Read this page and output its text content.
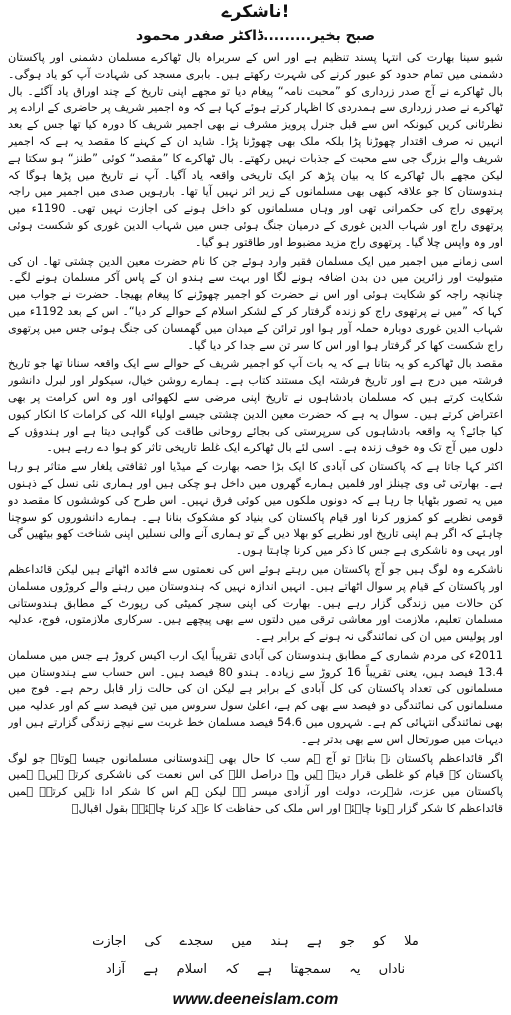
ناشکرے!
صبح بخیر.........ڈاکٹر صفدر محمود

شیو سینا بھارت کی انتہا پسند تنظیم ہے اور اس کے سربراہ بال ٹھاکرے مسلمان دشمنی اور پاکستان دشمنی میں تمام حدود کو عبور کرنے کی شہرت رکھتے ہیں۔ بابری مسجد کی شہادت آپ کو یاد ہوگی۔ بال ٹھاکرے نے آج صدر زرداری کو ”محبت نامہ“ پیغام دیا تو مجھے اپنی تاریخ کے چند اوراق یاد آگئے۔ بال ٹھاکرے نے صدر زرداری سے ہمدردی کا اظہار کرتے ہوئے کہا ہے کہ وہ اجمیر شریف پر حاضری کے ارادے پر نظرثانی کریں کیونکہ اس سے قبل جنرل پرویز مشرف نے بھی اجمیر شریف کا دورہ کیا تھا جس کے بعد انہیں نہ صرف اقتدار چھوڑنا پڑا بلکہ ملک بھی چھوڑنا پڑا۔ شاید ان کے کہنے کا مقصد یہ ہے کہ اجمیر شریف والے بزرگ جی سے محبت کے جذبات نہیں رکھتے۔ بال ٹھاکرے کا ”مقصد“ کوئی ”طنز“ ہو سکتا ہے لیکن مجھے بال ٹھاکرے کا یہ بیان پڑھ کر ایک تاریخی واقعہ یاد آگیا۔ آپ نے تاریخ میں پڑھا ہوگا کہ ہندوستان کا جو علاقہ کبھی بھی مسلمانوں کے زیر اثر نہیں آیا تھا۔ بارہویں صدی میں اجمیر میں راجہ پرتھوی راج کی حکمرانی تھی اور وہاں مسلمانوں کو داخل ہونے کی اجازت نہیں تھی۔ 1190ء میں پرتھوی راج اور شہاب الدین غوری کے درمیان جنگ ہوئی جس میں شہاب الدین غوری کو شکست ہوئی اور وہ واپس چلا گیا۔ پرتھوی راج مزید مضبوط اور طاقتور ہو گیا۔

اسی زمانے میں اجمیر میں ایک مسلمان فقیر وارد ہوئے جن کا نام حضرت معین الدین چشتی تھا۔ ان کی متبولیت اور زائرین میں دن بدن اضافہ ہونے لگا اور بہت سے ہندو ان کے پاس آکر مسلمان ہونے لگے۔ چنانچہ راجہ کو شکایت ہوئی اور اس نے حضرت کو اجمیر چھوڑنے کا پیغام بھیجا۔ حضرت نے جواب میں کہا کہ ”میں نے پرتھوی راج کو زندہ گرفتار کر کے لشکر اسلام کے حوالے کر دیا“۔ اس کے بعد 1192ء میں شہاب الدین غوری دوبارہ حملہ آور ہوا اور ترائن کے میدان میں گھمسان کی جنگ ہوئی جس میں پرتھوی راج شکست کھا کر گرفتار ہوا اور اس کا سر تن سے جدا کر دیا گیا۔

مقصد بال ٹھاکرے کو یہ بتانا ہے کہ یہ بات آپ کو اجمیر شریف کے حوالے سے ایک واقعہ سنانا تھا جو تاریخ فرشتہ میں درج ہے اور تاریخ فرشتہ ایک مستند کتاب ہے۔ ہمارے روشن خیال، سیکولر اور لبرل دانشور شکایت کرتے ہیں کہ مسلمان بادشاہوں نے تاریخ اپنی مرضی سے لکھوائی اور وہ اس کرامت پر بھی اعتراض کرتے ہیں۔ سوال یہ ہے کہ حضرت معین الدین چشتی جیسے اولیاء اللہ کی کرامات کا انکار کیوں کیا جائے؟ یہ واقعہ بادشاہوں کی سرپرستی کی بجائے روحانی طاقت کی گواہی دیتا ہے اور ہندوؤں کے دلوں میں آج تک وہ خوف زندہ ہے۔ اسی لئے بال ٹھاکرے ایک غلط تاریخی تاثر کو ہوا دے رہے ہیں۔

اکثر کہا جاتا ہے کہ پاکستان کی آبادی کا ایک بڑا حصہ بھارت کے میڈیا اور ثقافتی یلغار سے متاثر ہو رہا ہے۔ بھارتی ٹی وی چینلز اور فلمیں ہمارے گھروں میں داخل ہو چکی ہیں اور ہماری نئی نسل کے ذہنوں میں یہ تصور بٹھایا جا رہا ہے کہ دونوں ملکوں میں کوئی فرق نہیں۔ اس طرح کی کوششوں کا مقصد دو قومی نظریے کو کمزور کرنا اور قیام پاکستان کی بنیاد کو مشکوک بنانا ہے۔ ہمارے دانشوروں کو سوچنا چاہئے کہ اگر ہم اپنی تاریخ اور نظریے کو بھلا دیں گے تو ہماری آنے والی نسلیں اپنی شناخت کھو بیٹھیں گی اور یہی وہ ناشکری ہے جس کا ذکر میں کرنا چاہتا ہوں۔

ناشکرے وہ لوگ ہیں جو آج پاکستان میں رہتے ہوئے اس کی نعمتوں سے فائدہ اٹھاتے ہیں لیکن قائداعظم اور پاکستان کے قیام پر سوال اٹھاتے ہیں۔ انہیں اندازہ نہیں کہ ہندوستان میں رہنے والے کروڑوں مسلمان کن حالات میں زندگی گزار رہے ہیں۔ بھارت کی اپنی سچر کمیٹی کی رپورٹ کے مطابق ہندوستانی مسلمان تعلیم، ملازمت اور معاشی ترقی میں دلتوں سے بھی پیچھے ہیں۔ سرکاری ملازمتوں، فوج، عدلیہ اور پولیس میں ان کی نمائندگی نہ ہونے کے برابر ہے۔

2011ء کی مردم شماری کے مطابق ہندوستان کی آبادی تقریباً ایک ارب اکیس کروڑ ہے جس میں مسلمان 13.4 فیصد ہیں، یعنی تقریباً 16 کروڑ سے زیادہ۔ ہندو 80 فیصد ہیں۔ اس حساب سے ہندوستان میں مسلمانوں کی تعداد پاکستان کی کل آبادی کے برابر ہے لیکن ان کی حالت زار قابل رحم ہے۔ فوج میں مسلمانوں کی نمائندگی دو فیصد سے بھی کم ہے، اعلیٰ سول سروس میں تین فیصد سے کم اور عدلیہ میں بھی نمائندگی انتہائی کم ہے۔ شہروں میں 54.6 فیصد مسلمان خط غربت سے نیچے زندگی گزارتے ہیں اور دیہات میں صورتحال اس سے بھی بدتر ہے۔

اگر قائداعظم پاکستان نہ بناتے تو آج ہم سب کا حال بھی ہندوستانی مسلمانوں جیسا ہوتا۔ جو لوگ پاکستان کے قیام کو غلطی قرار دیتے ہیں وہ دراصل اللہ کی اس نعمت کی ناشکری کرتے ہیں۔ ہمیں پاکستان میں عزت، شہرت، دولت اور آزادی میسر ہے لیکن ہم اس کا شکر ادا نہیں کرتے۔ ہمیں قائداعظم کا شکر گزار ہونا چاہئے اور اس ملک کی حفاظت کا عہد کرنا چاہئے۔ بقول اقبالؒ

ملا کو جو ہے ہند میں سجدے کی اجازت
ناداں یہ سمجھتا ہے کہ اسلام ہے آزاد
www.deeneislam.com
